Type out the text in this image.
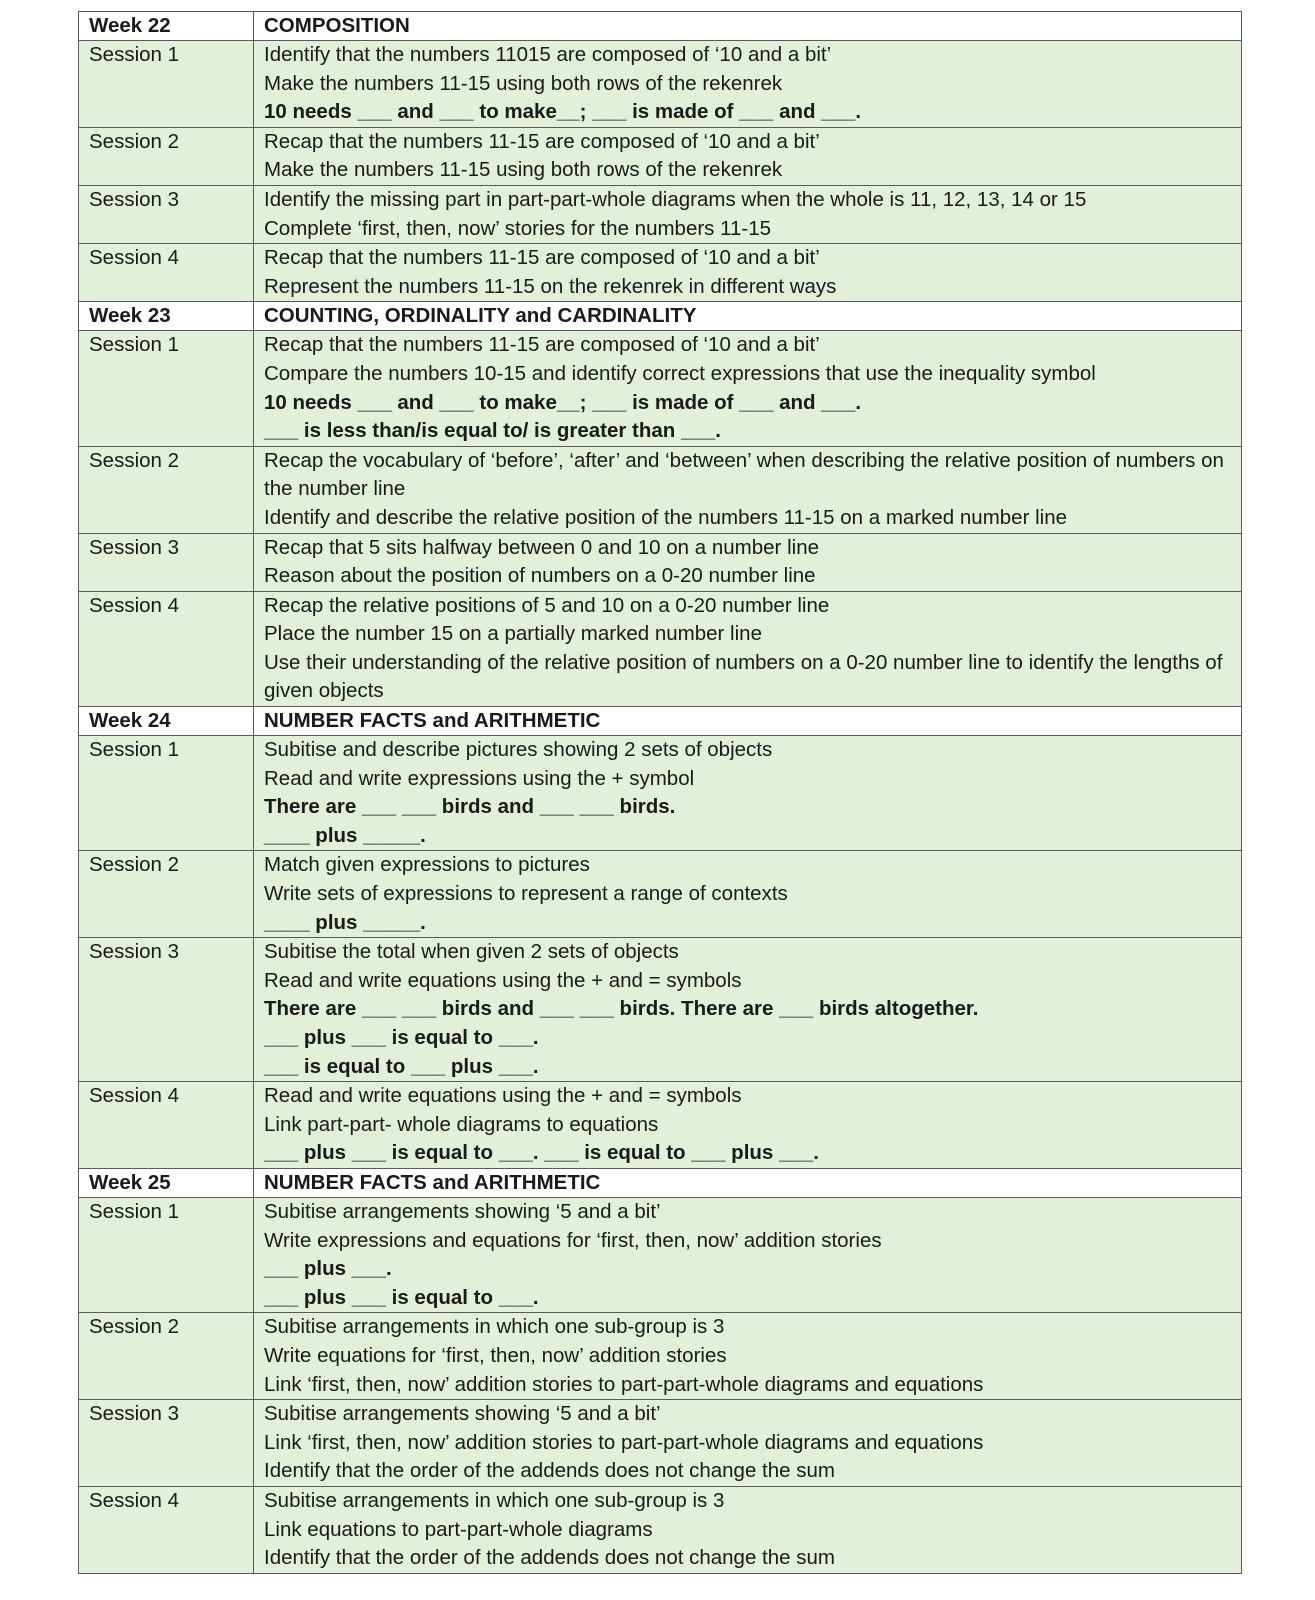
Week 22	COMPOSITION
Session 1	Identify that the numbers 11015 are composed of ‘10 and a bit’
Make the numbers 11-15 using both rows of the rekenrek
10 needs ___ and ___ to make__; ___ is made of ___ and ___.

Session 2	Recap that the numbers 11-15 are composed of ‘10 and a bit’
Make the numbers 11-15 using both rows of the rekenrek

Session 3	Identify the missing part in part-part-whole diagrams when the whole is 11, 12, 13, 14 or 15
Complete ‘first, then, now’ stories for the numbers 11-15

Session 4	Recap that the numbers 11-15 are composed of ‘10 and a bit’
Represent the numbers 11-15 on the rekenrek in different ways

Week 23	COUNTING, ORDINALITY and CARDINALITY
Session 1	Recap that the numbers 11-15 are composed of ‘10 and a bit’
Compare the numbers 10-15 and identify correct expressions that use the inequality symbol
10 needs ___ and ___ to make__; ___ is made of ___ and ___.
___ is less than/is equal to/ is greater than ___.

Session 2	Recap the vocabulary of ‘before’, ‘after’ and ‘between’ when describing the relative position of numbers on the number line
Identify and describe the relative position of the numbers 11-15 on a marked number line

Session 3	Recap that 5 sits halfway between 0 and 10 on a number line
Reason about the position of numbers on a 0-20 number line

Session 4	Recap the relative positions of 5 and 10 on a 0-20 number line
Place the number 15 on a partially marked number line
Use their understanding of the relative position of numbers on a 0-20 number line to identify the lengths of given objects

Week 24	NUMBER FACTS and ARITHMETIC
Session 1	Subitise and describe pictures showing 2 sets of objects
Read and write expressions using the + symbol
There are ___ ___ birds and ___ ___ birds.
____ plus _____.

Session 2	Match given expressions to pictures
Write sets of expressions to represent a range of contexts
____ plus _____.

Session 3	Subitise the total when given 2 sets of objects
Read and write equations using the + and = symbols
There are ___ ___ birds and ___ ___ birds. There are ___ birds altogether.
___ plus ___ is equal to ___.
___ is equal to ___ plus ___.

Session 4	Read and write equations using the + and = symbols
Link part-part- whole diagrams to equations
___ plus ___ is equal to ___. ___ is equal to ___ plus ___.

Week 25	NUMBER FACTS and ARITHMETIC
Session 1	Subitise arrangements showing ‘5 and a bit’
Write expressions and equations for ‘first, then, now’ addition stories
___ plus ___.
___ plus ___ is equal to ___.

Session 2	Subitise arrangements in which one sub-group is 3
Write equations for ‘first, then, now’ addition stories
Link ‘first, then, now’ addition stories to part-part-whole diagrams and equations

Session 3	Subitise arrangements showing ‘5 and a bit’
Link ‘first, then, now’ addition stories to part-part-whole diagrams and equations
Identify that the order of the addends does not change the sum

Session 4	Subitise arrangements in which one sub-group is 3
Link equations to part-part-whole diagrams
Identify that the order of the addends does not change the sum
